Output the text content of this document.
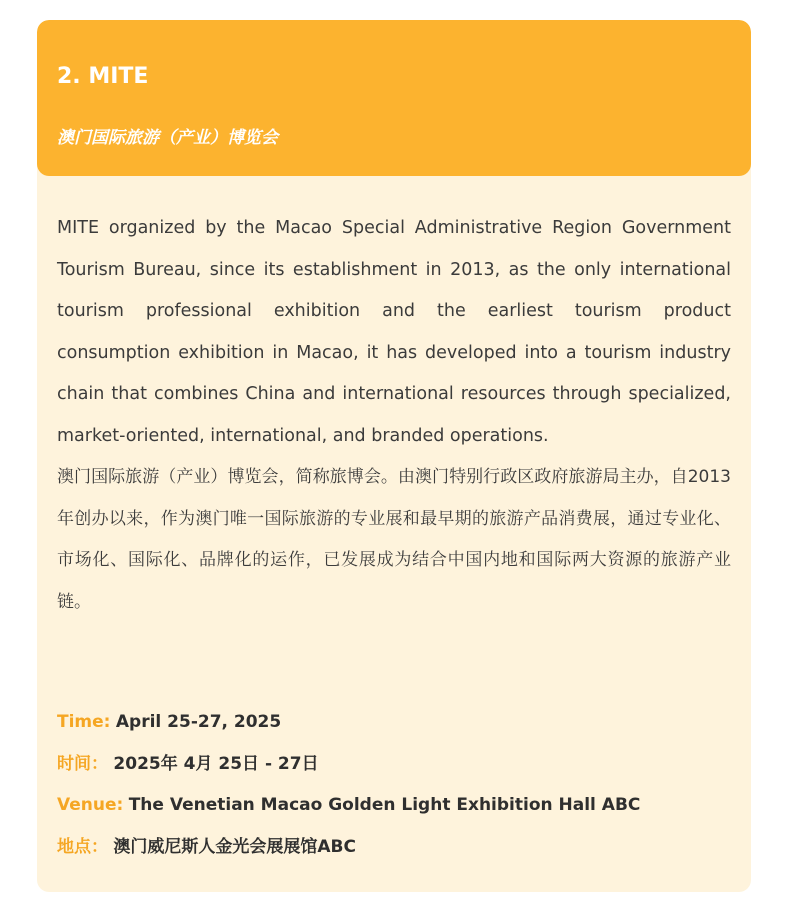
2. MITE

澳门国际旅游（产业）博览会

MITE organized by the Macao Special Administrative Region Government Tourism Bureau, since its establishment in 2013, as the only international tourism professional exhibition and the earliest tourism product consumption exhibition in Macao, it has developed into a tourism industry chain that combines China and international resources through specialized, market-oriented, international, and branded operations.

澳门国际旅游（产业）博览会，简称旅博会。由澳门特别行政区政府旅游局主办，自2013年创办以来，作为澳门唯一国际旅游的专业展和最早期的旅游产品消费展，通过专业化、市场化、国际化、品牌化的运作，已发展成为结合中国内地和国际两大资源的旅游产业链。

Time: April 25-27, 2025

时间： 2025年 4月 25日 - 27日

Venue: The Venetian Macao Golden Light Exhibition Hall ABC

地点： 澳门威尼斯人金光会展展馆ABC
